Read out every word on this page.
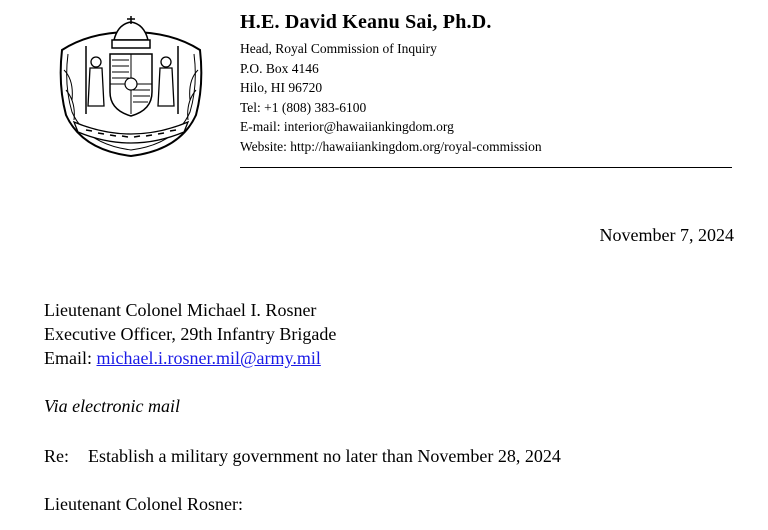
H.E. David Keanu Sai, Ph.D.
Head, Royal Commission of Inquiry
P.O. Box 4146
Hilo, HI 96720
Tel: +1 (808) 383-6100
E-mail: interior@hawaiiankingdom.org
Website: http://hawaiiankingdom.org/royal-commission
November 7, 2024
Lieutenant Colonel Michael I. Rosner
Executive Officer, 29th Infantry Brigade
Email: michael.i.rosner.mil@army.mil
Via electronic mail
Re: Establish a military government no later than November 28, 2024
Lieutenant Colonel Rosner:
